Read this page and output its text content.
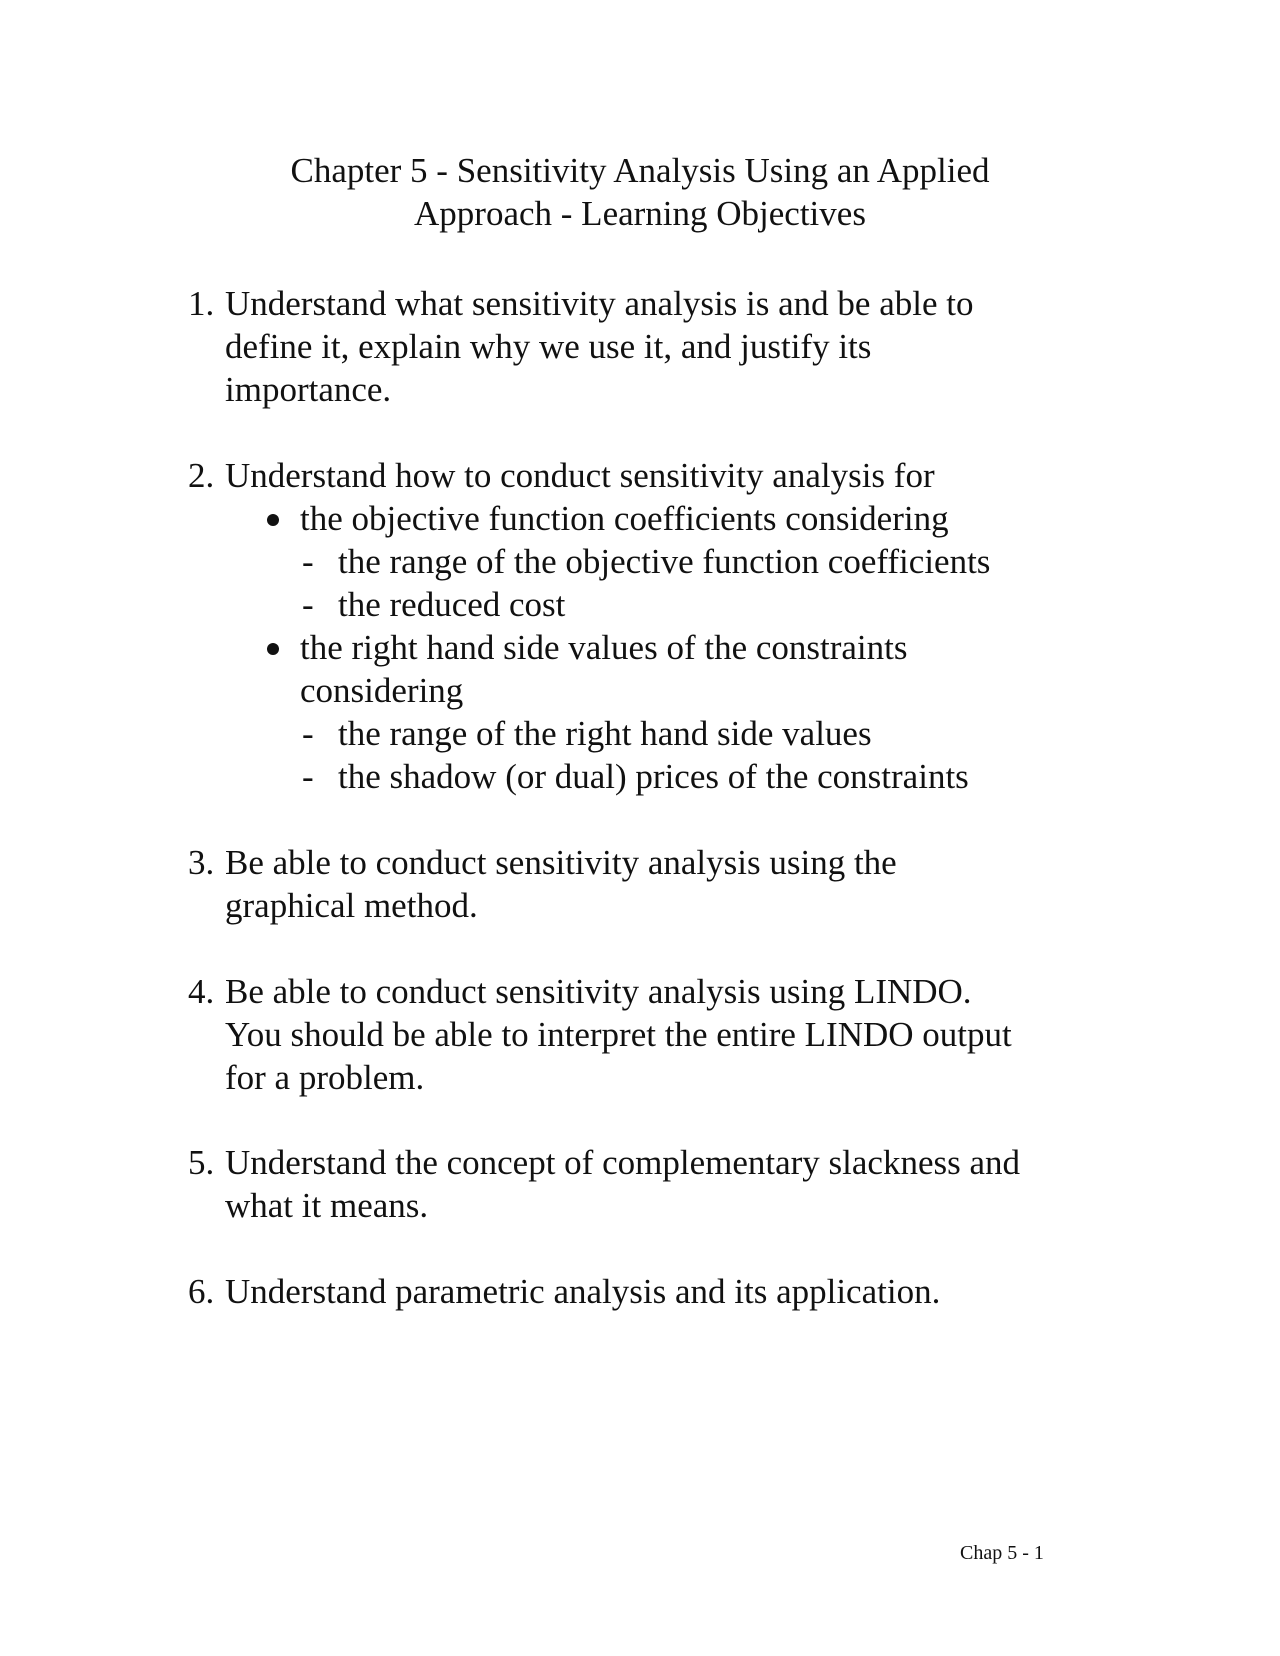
Chapter 5 - Sensitivity Analysis Using an Applied
Approach - Learning Objectives
1. Understand what sensitivity analysis is and be able to
define it, explain why we use it, and justify its
importance.
2. Understand how to conduct sensitivity analysis for
the objective function coefficients considering
- the range of the objective function coefficients
- the reduced cost
the right hand side values of the constraints
considering
- the range of the right hand side values
- the shadow (or dual) prices of the constraints
3. Be able to conduct sensitivity analysis using the
graphical method.
4. Be able to conduct sensitivity analysis using LINDO.
You should be able to interpret the entire LINDO output
for a problem.
5. Understand the concept of complementary slackness and
what it means.
6. Understand parametric analysis and its application.
Chap 5 - 1
